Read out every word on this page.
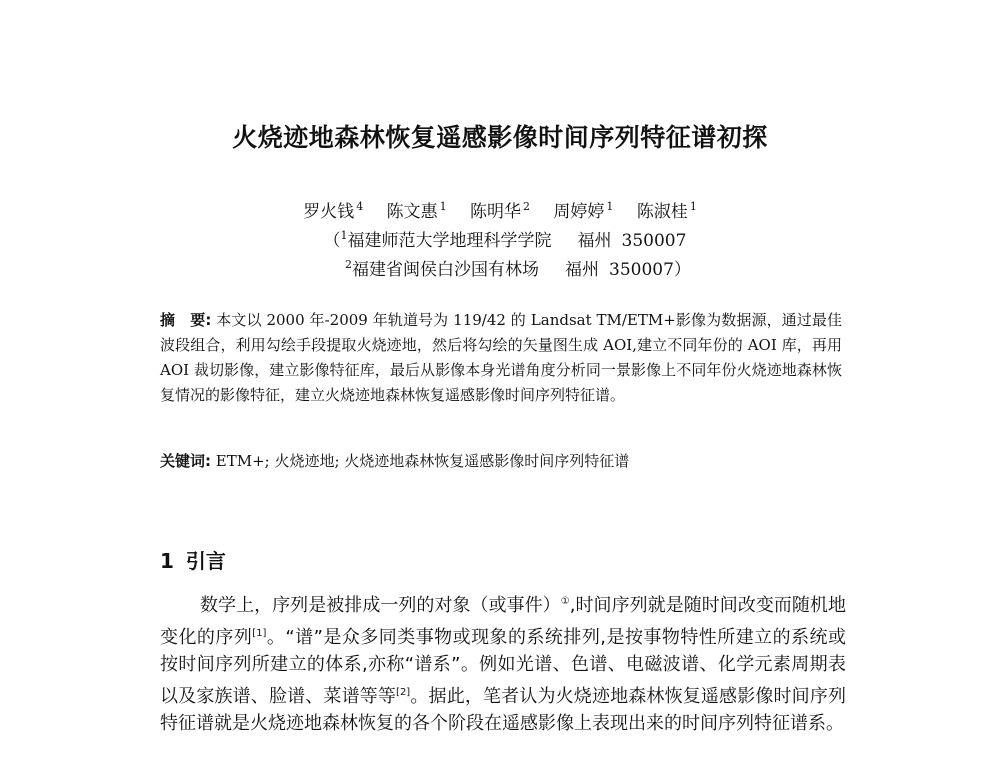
火烧迹地森林恢复遥感影像时间序列特征谱初探
罗火钱 $^4$ 陈文惠 $^1$ 陈明华 $^2$ 周婷婷 $^1$ 陈淑桂 $^1$
（$^1$福建师范大学地理科学学院 福州 350007
$^2$福建省闽侯白沙国有林场 福州 350007）
摘　要: 本文以 2000 年-2009 年轨道号为 119/42 的 Landsat TM/ETM+影像为数据源，通过最佳波段组合，利用勾绘手段提取火烧迹地，然后将勾绘的矢量图生成 AOI,建立不同年份的 AOI 库，再用 AOI 裁切影像，建立影像特征库，最后从影像本身光谱角度分析同一景影像上不同年份火烧迹地森林恢复情况的影像特征，建立火烧迹地森林恢复遥感影像时间序列特征谱。
关键词: ETM+; 火烧迹地; 火烧迹地森林恢复遥感影像时间序列特征谱
1 引言
数学上，序列是被排成一列的对象（或事件）①,时间序列就是随时间改变而随机地变化的序列[1]。“谱”是众多同类事物或现象的系统排列,是按事物特性所建立的系统或按时间序列所建立的体系,亦称“谱系”。例如光谱、色谱、电磁波谱、化学元素周期表以及家族谱、脸谱、菜谱等等[2]。据此，笔者认为火烧迹地森林恢复遥感影像时间序列特征谱就是火烧迹地森林恢复的各个阶段在遥感影像上表现出来的时间序列特征谱系。
